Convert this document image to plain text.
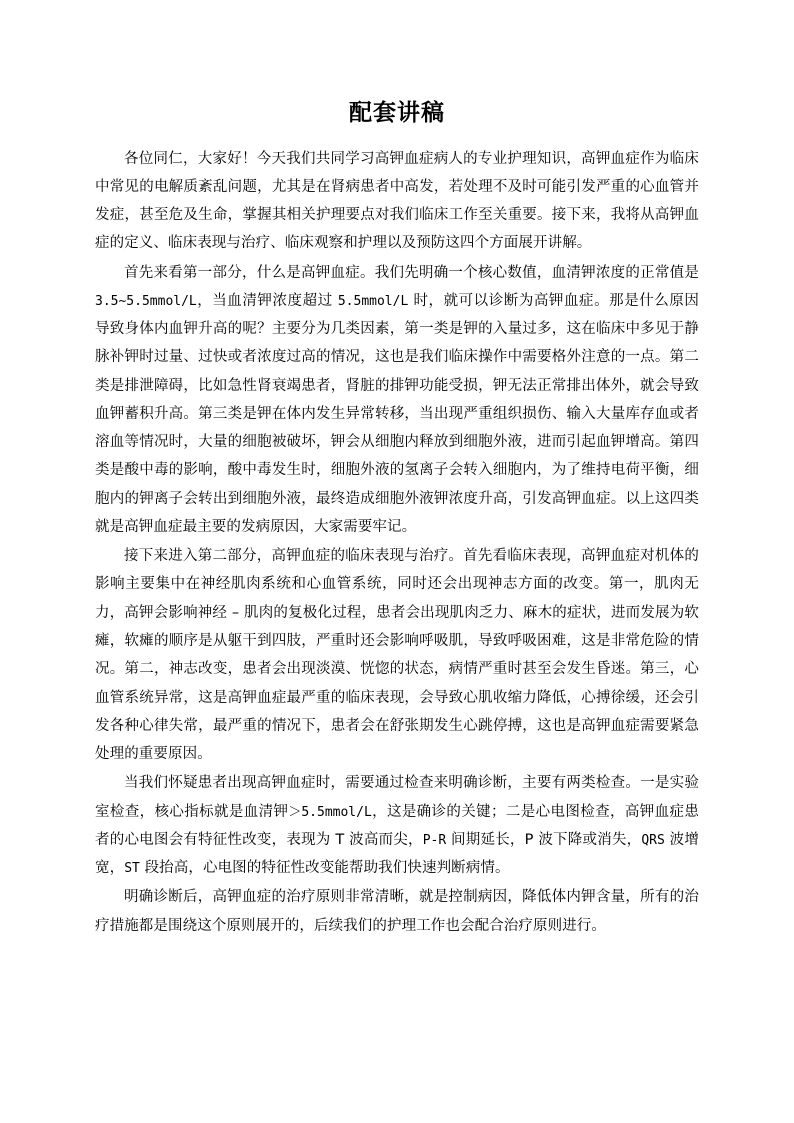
配套讲稿

各位同仁，大家好！今天我们共同学习高钾血症病人的专业护理知识，高钾血症作为临床中常见的电解质紊乱问题，尤其是在肾病患者中高发，若处理不及时可能引发严重的心血管并发症，甚至危及生命，掌握其相关护理要点对我们临床工作至关重要。接下来，我将从高钾血症的定义、临床表现与治疗、临床观察和护理以及预防这四个方面展开讲解。

首先来看第一部分，什么是高钾血症。我们先明确一个核心数值，血清钾浓度的正常值是3.5~5.5mmol/L，当血清钾浓度超过 5.5mmol/L 时，就可以诊断为高钾血症。那是什么原因导致身体内血钾升高的呢？主要分为几类因素，第一类是钾的入量过多，这在临床中多见于静脉补钾时过量、过快或者浓度过高的情况，这也是我们临床操作中需要格外注意的一点。第二类是排泄障碍，比如急性肾衰竭患者，肾脏的排钾功能受损，钾无法正常排出体外，就会导致血钾蓄积升高。第三类是钾在体内发生异常转移，当出现严重组织损伤、输入大量库存血或者溶血等情况时，大量的细胞被破坏，钾会从细胞内释放到细胞外液，进而引起血钾增高。第四类是酸中毒的影响，酸中毒发生时，细胞外液的氢离子会转入细胞内，为了维持电荷平衡，细胞内的钾离子会转出到细胞外液，最终造成细胞外液钾浓度升高，引发高钾血症。以上这四类就是高钾血症最主要的发病原因，大家需要牢记。

接下来进入第二部分，高钾血症的临床表现与治疗。首先看临床表现，高钾血症对机体的影响主要集中在神经肌肉系统和心血管系统，同时还会出现神志方面的改变。第一，肌肉无力，高钾会影响神经 – 肌肉的复极化过程，患者会出现肌肉乏力、麻木的症状，进而发展为软瘫，软瘫的顺序是从躯干到四肢，严重时还会影响呼吸肌，导致呼吸困难，这是非常危险的情况。第二，神志改变，患者会出现淡漠、恍惚的状态，病情严重时甚至会发生昏迷。第三，心血管系统异常，这是高钾血症最严重的临床表现，会导致心肌收缩力降低，心搏徐缓，还会引发各种心律失常，最严重的情况下，患者会在舒张期发生心跳停搏，这也是高钾血症需要紧急处理的重要原因。

当我们怀疑患者出现高钾血症时，需要通过检查来明确诊断，主要有两类检查。一是实验室检查，核心指标就是血清钾＞5.5mmol/L，这是确诊的关键；二是心电图检查，高钾血症患者的心电图会有特征性改变，表现为 T 波高而尖，P-R 间期延长，P 波下降或消失，QRS 波增宽，ST 段抬高，心电图的特征性改变能帮助我们快速判断病情。

明确诊断后，高钾血症的治疗原则非常清晰，就是控制病因，降低体内钾含量，所有的治疗措施都是围绕这个原则展开的，后续我们的护理工作也会配合治疗原则进行。
